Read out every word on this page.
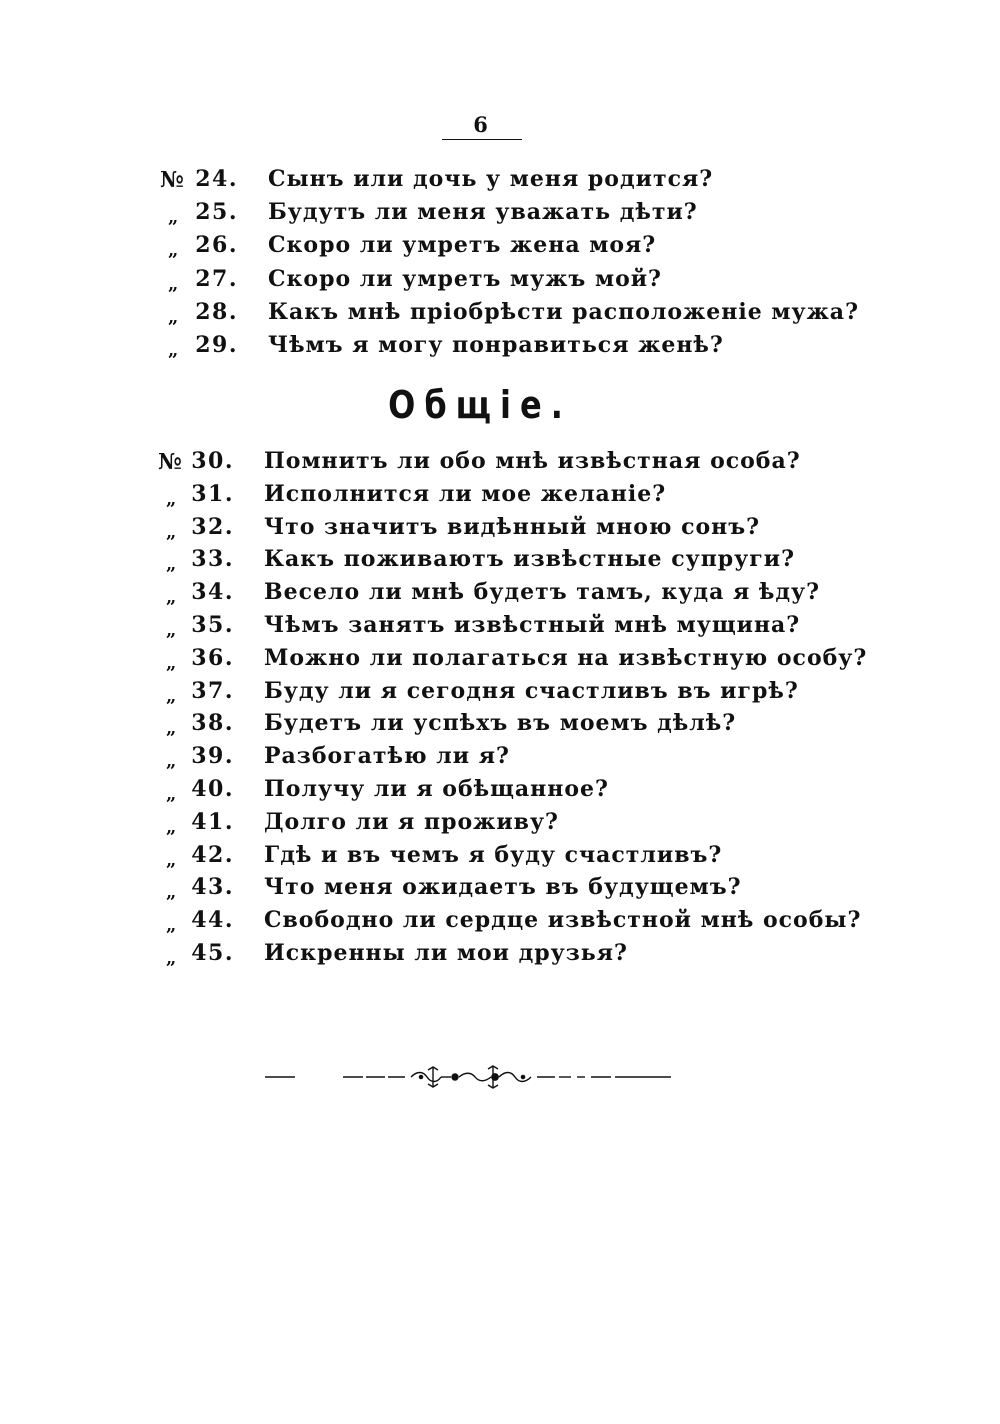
6
№ 24. Сынъ или дочь у меня родится?
„ 25. Будутъ ли меня уважать дѣти?
„ 26. Скоро ли умретъ жена моя?
„ 27. Скоро ли умретъ мужъ мой?
„ 28. Какъ мнѣ пріобрѣсти расположеніе мужа?
„ 29. Чѣмъ я могу понравиться женѣ?
Общіе.
№ 30. Помнитъ ли обо мнѣ извѣстная особа?
„ 31. Исполнится ли мое желаніе?
„ 32. Что значитъ видѣнный мною сонъ?
„ 33. Какъ поживаютъ извѣстные супруги?
„ 34. Весело ли мнѣ будетъ тамъ, куда я ѣду?
„ 35. Чѣмъ занятъ извѣстный мнѣ мущина?
„ 36. Можно ли полагаться на извѣстную особу?
„ 37. Буду ли я сегодня счастливъ въ игрѣ?
„ 38. Будетъ ли успѣхъ въ моемъ дѣлѣ?
„ 39. Разбогатѣю ли я?
„ 40. Получу ли я обѣщанное?
„ 41. Долго ли я проживу?
„ 42. Гдѣ и въ чемъ я буду счастливъ?
„ 43. Что меня ожидаетъ въ будущемъ?
„ 44. Свободно ли сердце извѣстной мнѣ особы?
„ 45. Искренны ли мои друзья?
